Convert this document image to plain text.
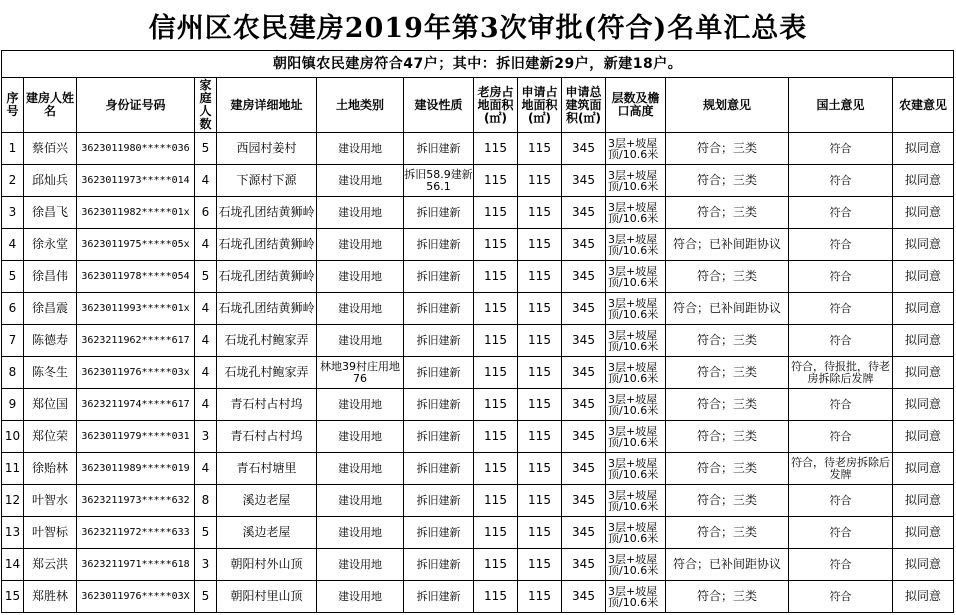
信州区农民建房2019年第3次审批(符合)名单汇总表
朝阳镇农民建房符合47户；其中：拆旧建新29户，新建18户。													
序号	建房人姓名	身份证号码	家庭人数	建房详细地址	土地类别	建设性质	老房占地面积(㎡)	申请占地面积(㎡)	申请总建筑面积(㎡)	层数及檐口高度	规划意见	国土意见	农建意见
1	蔡佰兴	3623011980*****036	5	西园村姜村	建设用地	拆旧建新	115	115	345	3层+坡屋顶/10.6米	符合；三类	符合	拟同意
2	邱灿兵	3623011973*****014	4	下源村下源	建设用地	拆旧58.9建新56.1	115	115	345	3层+坡屋顶/10.6米	符合；三类	符合	拟同意
3	徐昌飞	3623011982*****01x	6	石垅孔团结黄狮岭	建设用地	拆旧建新	115	115	345	3层+坡屋顶/10.6米	符合；三类	符合	拟同意
4	徐永堂	3623011975*****05x	4	石垅孔团结黄狮岭	建设用地	拆旧建新	115	115	345	3层+坡屋顶/10.6米	符合；已补间距协议	符合	拟同意
5	徐昌伟	3623011978*****054	5	石垅孔团结黄狮岭	建设用地	拆旧建新	115	115	345	3层+坡屋顶/10.6米	符合；三类	符合	拟同意
6	徐昌震	3623011993*****01x	4	石垅孔团结黄狮岭	建设用地	拆旧建新	115	115	345	3层+坡屋顶/10.6米	符合；已补间距协议	符合	拟同意
7	陈德寿	3623211962*****617	4	石垅孔村鲍家弄	建设用地	拆旧建新	115	115	345	3层+坡屋顶/10.6米	符合；三类	符合	拟同意
8	陈冬生	3623011976*****03x	4	石垅孔村鲍家弄	林地39村庄用地76	拆旧建新	115	115	345	3层+坡屋顶/10.6米	符合；三类	符合，待报批，待老房拆除后发牌	拟同意
9	郑位国	3623211974*****617	4	青石村占村坞	建设用地	拆旧建新	115	115	345	3层+坡屋顶/10.6米	符合；三类	符合	拟同意
10	郑位荣	3623011979*****031	3	青石村占村坞	建设用地	拆旧建新	115	115	345	3层+坡屋顶/10.6米	符合；三类	符合	拟同意
11	徐贻林	3623011989*****019	4	青石村塘里	建设用地	拆旧建新	115	115	345	3层+坡屋顶/10.6米	符合；三类	符合，待老房拆除后发牌	拟同意
12	叶智水	3623211973*****632	8	溪边老屋	建设用地	拆旧建新	115	115	345	3层+坡屋顶/10.6米	符合；三类	符合	拟同意
13	叶智标	3623211972*****633	5	溪边老屋	建设用地	拆旧建新	115	115	345	3层+坡屋顶/10.6米	符合；三类	符合	拟同意
14	郑云洪	3623211971*****618	3	朝阳村外山顶	建设用地	拆旧建新	115	115	345	3层+坡屋顶/10.6米	符合；已补间距协议	符合	拟同意
15	郑胜林	3623011976*****03X	5	朝阳村里山顶	建设用地	拆旧建新	115	115	345	3层+坡屋顶/10.6米	符合；三类	符合	拟同意
